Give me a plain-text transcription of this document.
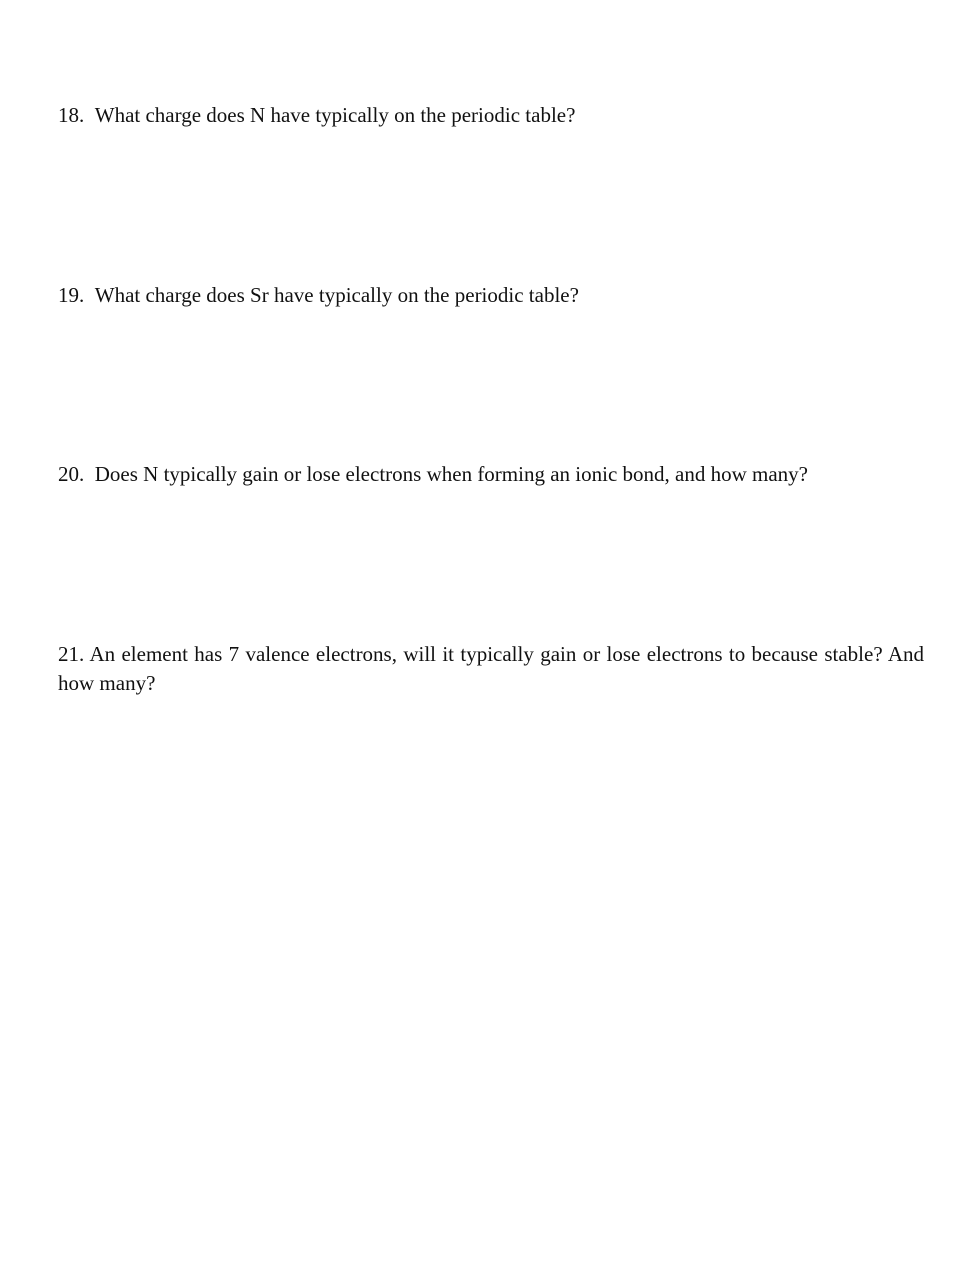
18. What charge does N have typically on the periodic table?
19. What charge does Sr have typically on the periodic table?
20. Does N typically gain or lose electrons when forming an ionic bond, and how many?
21. An element has 7 valence electrons, will it typically gain or lose electrons to because stable? And how many?
